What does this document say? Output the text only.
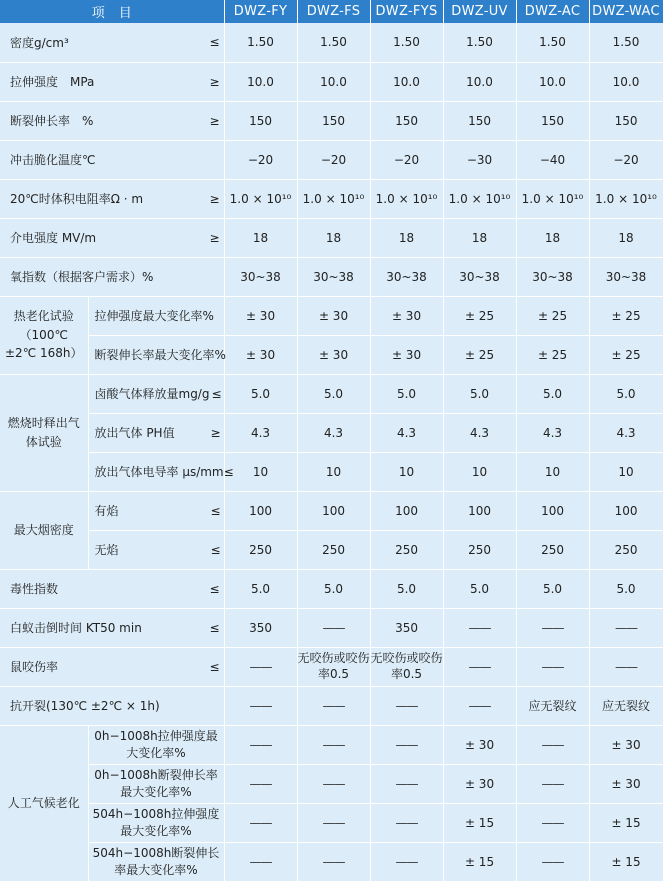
项目		DWZ-FY	DWZ-FS	DWZ-FYS	DWZ-UV	DWZ-AC	DWZ-WAC

密度g/cm³ ≤		1.50	1.50	1.50	1.50	1.50	1.50

拉伸强度　MPa ≥		10.0	10.0	10.0	10.0	10.0	10.0

断裂伸长率　% ≥		150	150	150	150	150	150

冲击脆化温度℃		−20	−20	−20	−30	−40	−20

20℃时体积电阻率Ω · m ≥		1.0 × 10¹⁰	1.0 × 10¹⁰	1.0 × 10¹⁰	1.0 × 10¹⁰	1.0 × 10¹⁰	1.0 × 10¹⁰

介电强度 MV/m ≥		18	18	18	18	18	18

氧指数（根据客户需求）%		30~38	30~38	30~38	30~38	30~38	30~38

热老化试验（100℃ ±2℃ 168h）	拉伸强度最大变化率%	± 30	± 30	± 30	± 25	± 25	± 25

	断裂伸长率最大变化率%	± 30	± 30	± 30	± 25	± 25	± 25

燃烧时释出气体试验	卤酸气体释放量mg/g ≤	5.0	5.0	5.0	5.0	5.0	5.0

	放出气体 PH值 ≥	4.3	4.3	4.3	4.3	4.3	4.3

	放出气体电导率 μs/mm ≤	10	10	10	10	10	10

最大烟密度	有焰 ≤	100	100	100	100	100	100

	无焰 ≤	250	250	250	250	250	250

毒性指数 ≤		5.0	5.0	5.0	5.0	5.0	5.0

白蚁击倒时间 KT50 min ≤		350	——	350	——	——	——

鼠咬伤率 ≤		——	无咬伤或咬伤率0.5	无咬伤或咬伤率0.5	——	——	——

抗开裂(130℃ ±2℃ × 1h)		——	——	——	——	应无裂纹	应无裂纹

人工气候老化	0h−1008h拉伸强度最大变化率%	——	——	——	± 30	——	± 30

	0h−1008h断裂伸长率最大变化率%	——	——	——	± 30	——	± 30

	504h−1008h拉伸强度最大变化率%	——	——	——	± 15	——	± 15

	504h−1008h断裂伸长率最大变化率%	——	——	——	± 15	——	± 15
